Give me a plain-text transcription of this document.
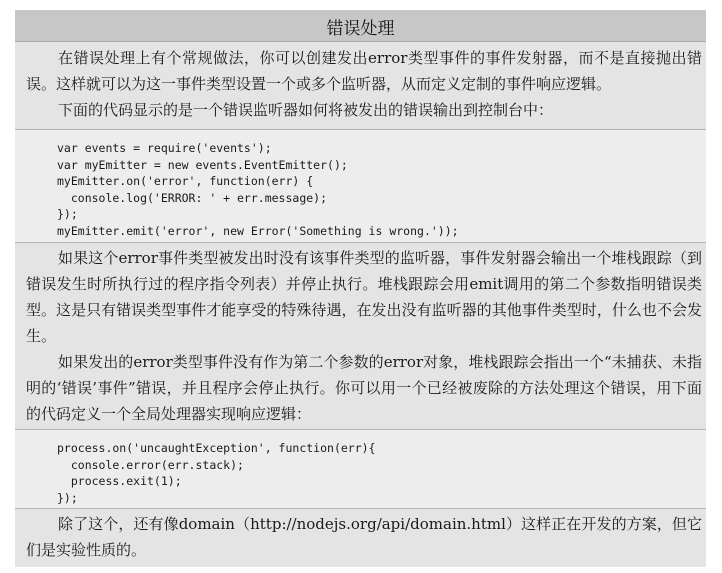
错误处理

在错误处理上有个常规做法，你可以创建发出error类型事件的事件发射器，而不是直接抛出错误。这样就可以为这一事件类型设置一个或多个监听器，从而定义定制的事件响应逻辑。

下面的代码显示的是一个错误监听器如何将被发出的错误输出到控制台中：

var events = require('events');
var myEmitter = new events.EventEmitter();
myEmitter.on('error', function(err) {
console.log('ERROR: ' + err.message);
});
myEmitter.emit('error', new Error('Something is wrong.'));

如果这个error事件类型被发出时没有该事件类型的监听器，事件发射器会输出一个堆栈跟踪（到错误发生时所执行过的程序指令列表）并停止执行。堆栈跟踪会用emit调用的第二个参数指明错误类型。这是只有错误类型事件才能享受的特殊待遇，在发出没有监听器的其他事件类型时，什么也不会发生。

如果发出的error类型事件没有作为第二个参数的error对象，堆栈跟踪会指出一个“未捕获、未指明的‘错误’事件”错误，并且程序会停止执行。你可以用一个已经被废除的方法处理这个错误，用下面的代码定义一个全局处理器实现响应逻辑：

process.on('uncaughtException', function(err){
console.error(err.stack);
process.exit(1);
});

除了这个，还有像domain（http://nodejs.org/api/domain.html）这样正在开发的方案，但它们是实验性质的。
